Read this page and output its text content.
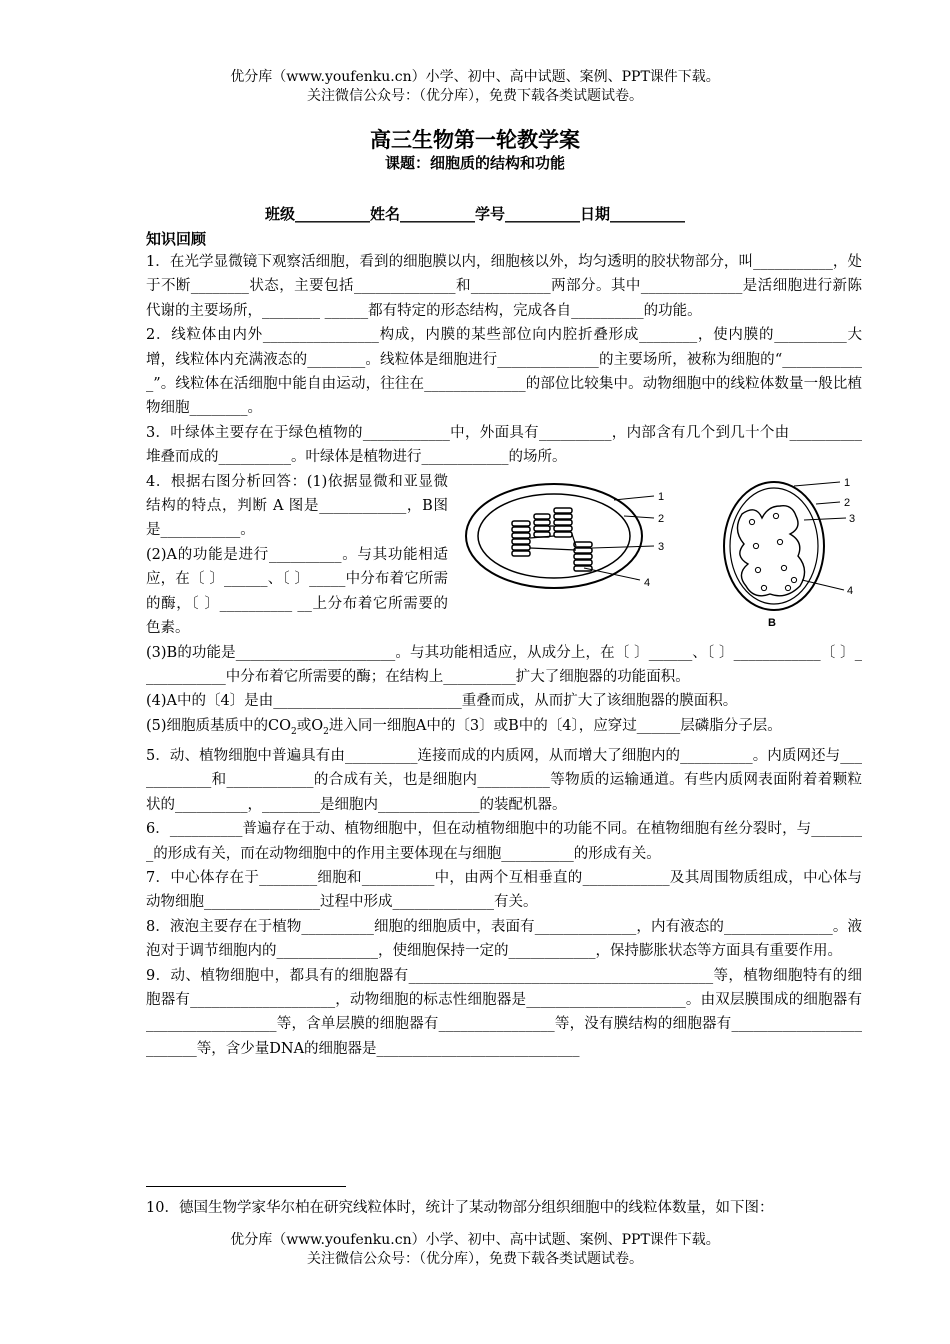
优分库（www.youfenku.cn）小学、初中、高中试题、案例、PPT课件下载。
关注微信公众号：（优分库），免费下载各类试题试卷。
高三生物第一轮教学案
课题：细胞质的结构和功能
班级__________姓名__________学号__________日期__________
知识回顾

1．在光学显微镜下观察活细胞，看到的细胞膜以内，细胞核以外，均匀透明的胶状物部分，叫___________，处于不断________状态，主要包括______________和___________两部分。其中______________是活细胞进行新陈代谢的主要场所，________ ______都有特定的形态结构，完成各自__________的功能。

2．线粒体由内外________________构成，内膜的某些部位向内腔折叠形成________，使内膜的__________大增，线粒体内充满液态的________。线粒体是细胞进行______________的主要场所，被称为细胞的“____________”。线粒体在活细胞中能自由运动，往往在______________的部位比较集中。动物细胞中的线粒体数量一般比植物细胞________。

3．叶绿体主要存在于绿色植物的____________中，外面具有__________，内部含有几个到几十个由__________堆叠而成的__________。叶绿体是植物进行____________的场所。

4．根据右图分析回答：(1)依据显微和亚显微结构的特点，判断 A 图是____________，B图是___________。

(2)A的功能是进行__________。与其功能相适应，在〔 〕______、〔 〕_____中分布着它所需的酶，〔 〕__________ __上分布着它所需要的色素。

1
2
3
4
1
2
3
4
B

(3)B的功能是______________________。与其功能相适应，从成分上，在〔 〕______、〔 〕____________〔 〕____________中分布着它所需要的酶；在结构上__________扩大了细胞器的功能面积。

(4)A中的〔4〕是由__________________________重叠而成，从而扩大了该细胞器的膜面积。

(5)细胞质基质中的$CO_2$或$O_2$进入同一细胞A中的〔3〕或B中的〔4〕，应穿过______层磷脂分子层。

5．动、植物细胞中普遍具有由__________连接而成的内质网，从而增大了细胞内的__________。内质网还与____________和____________的合成有关，也是细胞内__________等物质的运输通道。有些内质网表面附着着颗粒状的__________，________是细胞内______________的装配机器。

6．__________普遍存在于动、植物细胞中，但在动植物细胞中的功能不同。在植物细胞有丝分裂时，与________的形成有关，而在动物细胞中的作用主要体现在与细胞__________的形成有关。

7．中心体存在于________细胞和__________中，由两个互相垂直的____________及其周围物质组成，中心体与动物细胞________________过程中形成______________有关。

8．液泡主要存在于植物__________细胞的细胞质中，表面有______________，内有液态的_______________。液泡对于调节细胞内的______________，使细胞保持一定的____________，保持膨胀状态等方面具有重要作用。

9．动、植物细胞中，都具有的细胞器有__________________________________________等，植物细胞特有的细胞器有____________________，动物细胞的标志性细胞器是______________________。由双层膜围成的细胞器有__________________等，含单层膜的细胞器有________________等，没有膜结构的细胞器有_________________________等，含少量DNA的细胞器是____________________________

10．德国生物学家华尔柏在研究线粒体时，统计了某动物部分组织细胞中的线粒体数量，如下图：
优分库（www.youfenku.cn）小学、初中、高中试题、案例、PPT课件下载。
关注微信公众号：（优分库），免费下载各类试题试卷。
